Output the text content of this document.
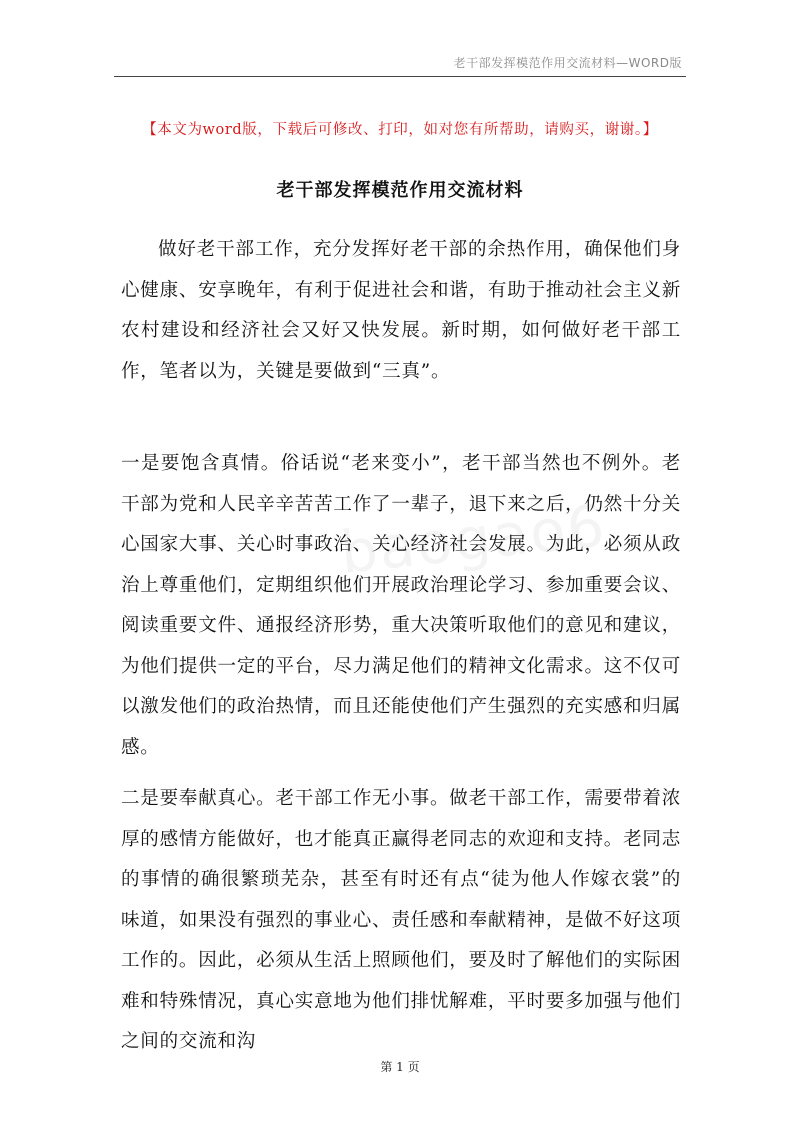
老干部发挥模范作用交流材料—WORD版
【本文为word版，下载后可修改、打印，如对您有所帮助，请购买，谢谢。】
老干部发挥模范作用交流材料

做好老干部工作，充分发挥好老干部的余热作用，确保他们身心健康、安享晚年，有利于促进社会和谐，有助于推动社会主义新农村建设和经济社会又好又快发展。新时期，如何做好老干部工作，笔者以为，关键是要做到“三真”。

一是要饱含真情。俗话说“老来变小”，老干部当然也不例外。老干部为党和人民辛辛苦苦工作了一辈子，退下来之后，仍然十分关心国家大事、关心时事政治、关心经济社会发展。为此，必须从政治上尊重他们，定期组织他们开展政治理论学习、参加重要会议、阅读重要文件、通报经济形势，重大决策听取他们的意见和建议，为他们提供一定的平台，尽力满足他们的精神文化需求。这不仅可以激发他们的政治热情，而且还能使他们产生强烈的充实感和归属感。

二是要奉献真心。老干部工作无小事。做老干部工作，需要带着浓厚的感情方能做好，也才能真正赢得老同志的欢迎和支持。老同志的事情的确很繁琐芜杂，甚至有时还有点“徒为他人作嫁衣裳”的味道，如果没有强烈的事业心、责任感和奉献精神，是做不好这项工作的。因此，必须从生活上照顾他们，要及时了解他们的实际困难和特殊情况，真心实意地为他们排忧解难，平时要多加强与他们之间的交流和沟

第 1 页
